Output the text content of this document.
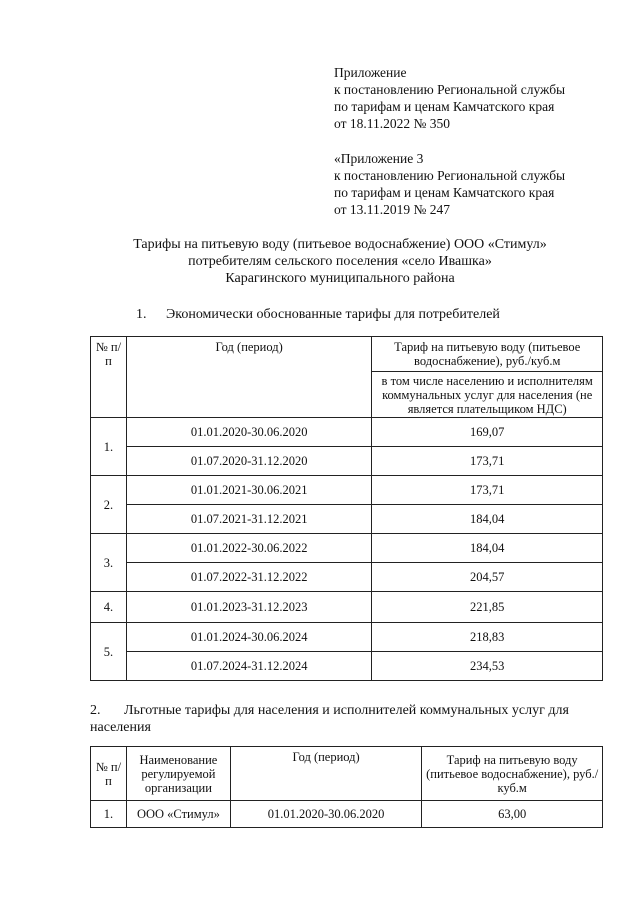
Приложение
к постановлению Региональной службы
по тарифам и ценам Камчатского края
от 18.11.2022 № 350
«Приложение 3
к постановлению Региональной службы
по тарифам и ценам Камчатского края
от 13.11.2019 № 247
Тарифы на питьевую воду (питьевое водоснабжение) ООО «Стимул»
потребителям сельского поселения «село Ивашка»
Карагинского муниципального района
1. Экономически обоснованные тарифы для потребителей
№ п/п	Год (период)	Тариф на питьевую воду (питьевое водоснабжение), руб./куб.м
		в том числе населению и исполнителям коммунальных услуг для населения (не является плательщиком НДС)
1.	01.01.2020-30.06.2020	169,07
	01.07.2020-31.12.2020	173,71
2.	01.01.2021-30.06.2021	173,71
	01.07.2021-31.12.2021	184,04
3.	01.01.2022-30.06.2022	184,04
	01.07.2022-31.12.2022	204,57
4.	01.01.2023-31.12.2023	221,85
5.	01.01.2024-30.06.2024	218,83
	01.07.2024-31.12.2024	234,53
2. Льготные тарифы для населения и исполнителей коммунальных услуг для населения
№ п/п	Наименование регулируемой организации	Год (период)	Тариф на питьевую воду (питьевое водоснабжение), руб./куб.м
1.	ООО «Стимул»	01.01.2020-30.06.2020	63,00
